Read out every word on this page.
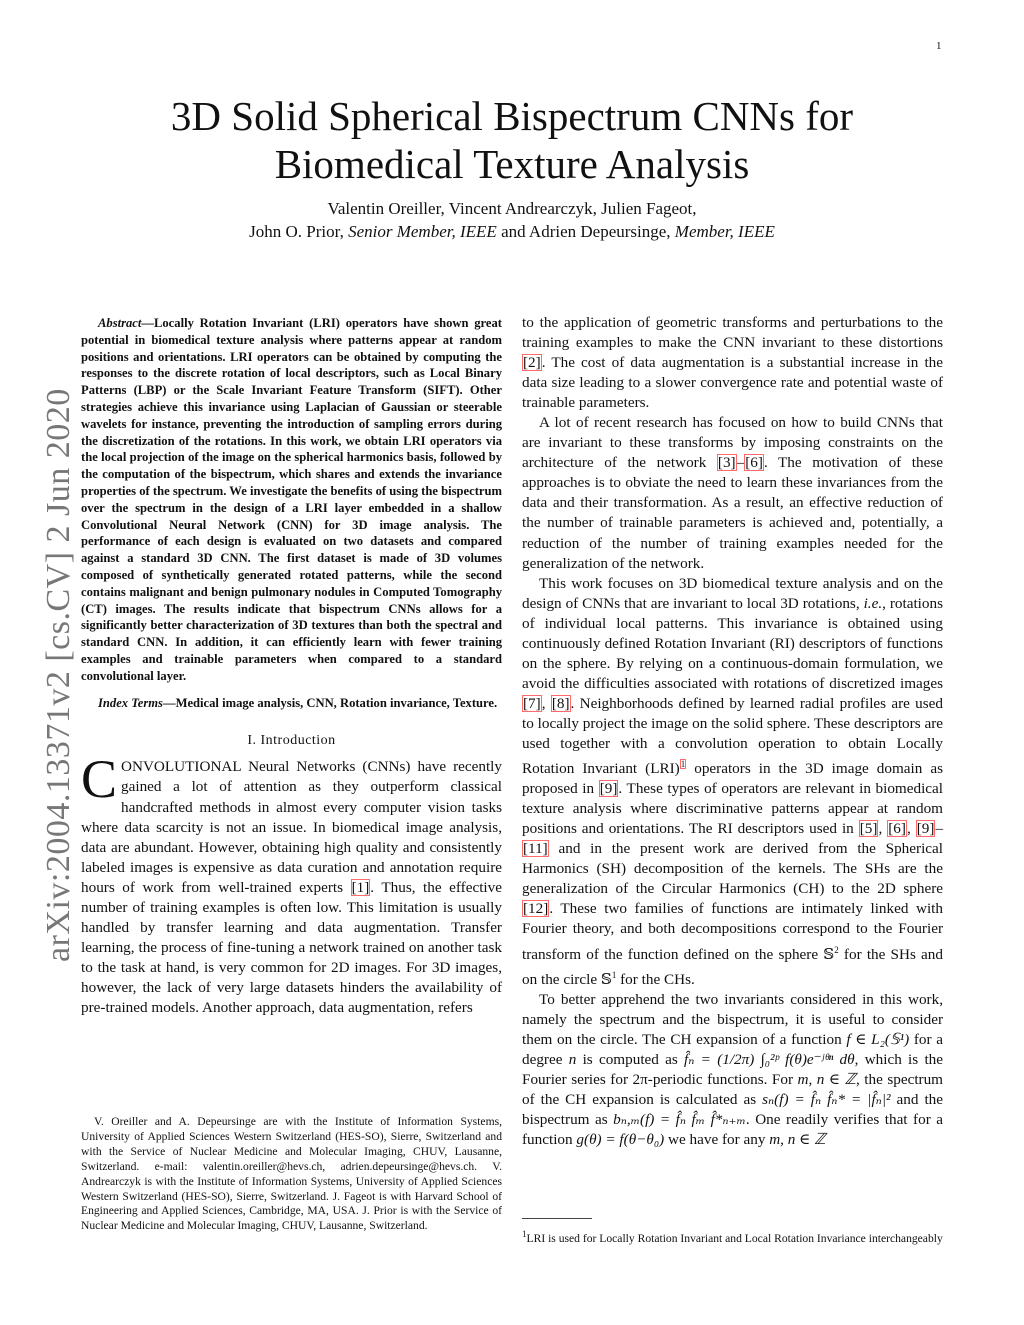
1
arXiv:2004.13371v2 [cs.CV] 2 Jun 2020
3D Solid Spherical Bispectrum CNNs for
Biomedical Texture Analysis
Valentin Oreiller, Vincent Andrearczyk, Julien Fageot,
John O. Prior, Senior Member, IEEE and Adrien Depeursinge, Member, IEEE

Abstract—Locally Rotation Invariant (LRI) operators have shown great potential in biomedical texture analysis where patterns appear at random positions and orientations. LRI operators can be obtained by computing the responses to the discrete rotation of local descriptors, such as Local Binary Patterns (LBP) or the Scale Invariant Feature Transform (SIFT). Other strategies achieve this invariance using Laplacian of Gaussian or steerable wavelets for instance, preventing the introduction of sampling errors during the discretization of the rotations. In this work, we obtain LRI operators via the local projection of the image on the spherical harmonics basis, followed by the computation of the bispectrum, which shares and extends the invariance properties of the spectrum. We investigate the benefits of using the bispectrum over the spectrum in the design of a LRI layer embedded in a shallow Convolutional Neural Network (CNN) for 3D image analysis. The performance of each design is evaluated on two datasets and compared against a standard 3D CNN. The first dataset is made of 3D volumes composed of synthetically generated rotated patterns, while the second contains malignant and benign pulmonary nodules in Computed Tomography (CT) images. The results indicate that bispectrum CNNs allows for a significantly better characterization of 3D textures than both the spectral and standard CNN. In addition, it can efficiently learn with fewer training examples and trainable parameters when compared to a standard convolutional layer.

Index Terms—Medical image analysis, CNN, Rotation invariance, Texture.

I. Introduction

CONVOLUTIONAL Neural Networks (CNNs) have recently gained a lot of attention as they outperform classical handcrafted methods in almost every computer vision tasks where data scarcity is not an issue. In biomedical image analysis, data are abundant. However, obtaining high quality and consistently labeled images is expensive as data curation and annotation require hours of work from well-trained experts [1]. Thus, the effective number of training examples is often low. This limitation is usually handled by transfer learning and data augmentation. Transfer learning, the process of fine-tuning a network trained on another task to the task at hand, is very common for 2D images. For 3D images, however, the lack of very large datasets hinders the availability of pre-trained models. Another approach, data augmentation, refers

V. Oreiller and A. Depeursinge are with the Institute of Information Systems, University of Applied Sciences Western Switzerland (HES-SO), Sierre, Switzerland and with the Service of Nuclear Medicine and Molecular Imaging, CHUV, Lausanne, Switzerland. e-mail: valentin.oreiller@hevs.ch, adrien.depeursinge@hevs.ch. V. Andrearczyk is with the Institute of Information Systems, University of Applied Sciences Western Switzerland (HES-SO), Sierre, Switzerland. J. Fageot is with Harvard School of Engineering and Applied Sciences, Cambridge, MA, USA. J. Prior is with the Service of Nuclear Medicine and Molecular Imaging, CHUV, Lausanne, Switzerland.

to the application of geometric transforms and perturbations to the training examples to make the CNN invariant to these distortions [2]. The cost of data augmentation is a substantial increase in the data size leading to a slower convergence rate and potential waste of trainable parameters.

A lot of recent research has focused on how to build CNNs that are invariant to these transforms by imposing constraints on the architecture of the network [3]–[6]. The motivation of these approaches is to obviate the need to learn these invariances from the data and their transformation. As a result, an effective reduction of the number of trainable parameters is achieved and, potentially, a reduction of the number of training examples needed for the generalization of the network.

This work focuses on 3D biomedical texture analysis and on the design of CNNs that are invariant to local 3D rotations, i.e., rotations of individual local patterns. This invariance is obtained using continuously defined Rotation Invariant (RI) descriptors of functions on the sphere. By relying on a continuous-domain formulation, we avoid the difficulties associated with rotations of discretized images [7], [8]. Neighborhoods defined by learned radial profiles are used to locally project the image on the solid sphere. These descriptors are used together with a convolution operation to obtain Locally Rotation Invariant (LRI)$^1$ operators in the 3D image domain as proposed in [9]. These types of operators are relevant in biomedical texture analysis where discriminative patterns appear at random positions and orientations. The RI descriptors used in [5], [6], [9]–[11] and in the present work are derived from the Spherical Harmonics (SH) decomposition of the kernels. The SHs are the generalization of the Circular Harmonics (CH) to the 2D sphere [12]. These two families of functions are intimately linked with Fourier theory, and both decompositions correspond to the Fourier transform of the function defined on the sphere 𝕊$^2$ for the SHs and on the circle 𝕊$^1$ for the CHs.

To better apprehend the two invariants considered in this work, namely the spectrum and the bispectrum, it is useful to consider them on the circle. The CH expansion of a function f ∈ L₂(𝕊¹) for a degree n is computed as f̂ₙ = (1/2π) ∫₀²ᵖ f(θ)e⁻ʲᶿⁿ dθ, which is the Fourier series for 2π-periodic functions. For m, n ∈ ℤ, the spectrum of the CH expansion is calculated as sₙ(f) = f̂ₙ f̂ₙ* = |f̂ₙ|² and the bispectrum as bₙ,ₘ(f) = f̂ₙ f̂ₘ f̂*ₙ₊ₘ. One readily verifies that for a function g(θ) = f(θ−θ₀) we have for any m, n ∈ ℤ

$^1$LRI is used for Locally Rotation Invariant and Local Rotation Invariance interchangeably
